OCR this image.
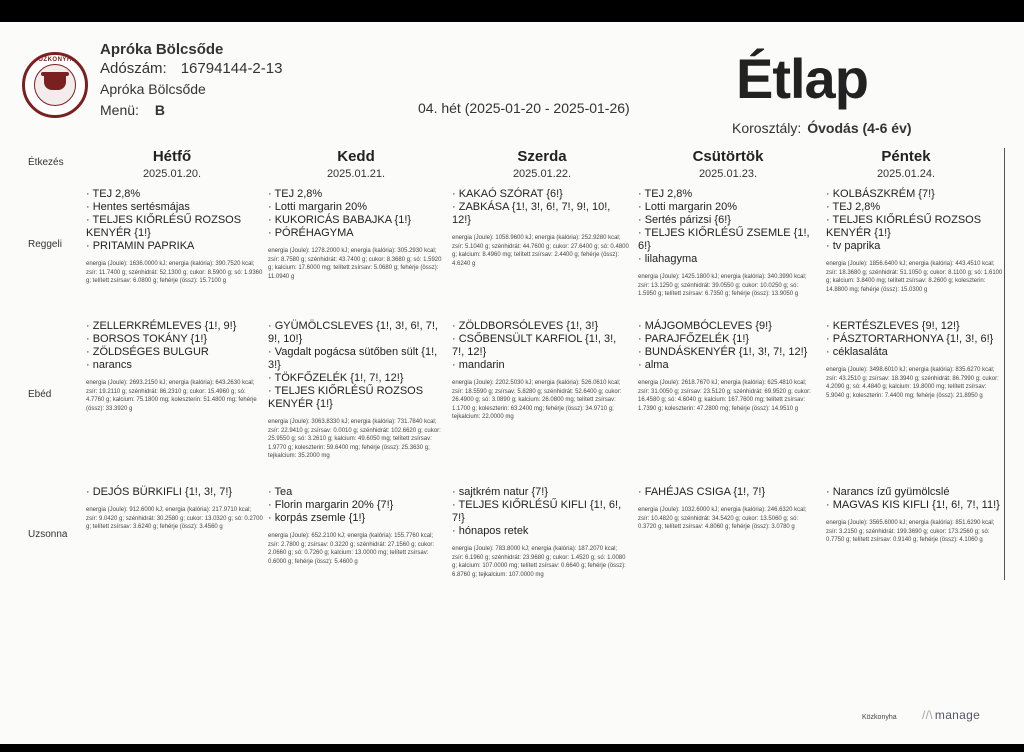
KÖZKONYHA
Apróka Bölcsőde
Adószám: 16794144-2-13
Apróka Bölcsőde
Menü: B	04. hét (2025-01-20 - 2025-01-26) Étlap
Korosztály: Óvodás (4-6 év)
Étkezés
Reggeli
Ebéd
Uzsonna
Hétfő
2025.01.20.
Kedd
2025.01.21.
Szerda
2025.01.22.
Csütörtök
2025.01.23.
Péntek
2025.01.24.
· TEJ 2,8%
· Hentes sertésmájas
· TELJES KIŐRLÉSŰ ROZSOS KENYÉR {1!}
· PRITAMIN PAPRIKA
energia (Joule): 1636.0000 kJ; energia (kalória): 390.7520 kcal; zsír: 11.7400 g; szénhidrát: 52.1300 g; cukor: 8.5900 g; só: 1.9360 g; telített zsírsav: 6.0800 g; fehérje (össz): 15.7100 g
· TEJ 2,8%
· Lotti margarin 20%
· KUKORICÁS BABAJKA {1!}
· PÓRÉHAGYMA
energia (Joule): 1278.2000 kJ; energia (kalória): 305.2930 kcal; zsír: 8.7580 g; szénhidrát: 43.7400 g; cukor: 8.3680 g; só: 1.5920 g; kalcium: 17.6000 mg; telített zsírsav: 5.0680 g; fehérje (össz): 11.0940 g
· KAKAÓ SZÓRAT {6!}
· ZABKÁSA {1!, 3!, 6!, 7!, 9!, 10!, 12!}
energia (Joule): 1058.9600 kJ; energia (kalória): 252.9280 kcal; zsír: 5.1040 g; szénhidrát: 44.7600 g; cukor: 27.6400 g; só: 0.4800 g; kalcium: 8.4960 mg; telített zsírsav: 2.4400 g; fehérje (össz): 4.6240 g
· TEJ 2,8%
· Lotti margarin 20%
· Sertés párizsi {6!}
· TELJES KIŐRLÉSŰ ZSEMLE {1!, 6!}
· lilahagyma
energia (Joule): 1425.1800 kJ; energia (kalória): 340.3990 kcal; zsír: 13.1250 g; szénhidrát: 39.0550 g; cukor: 10.0250 g; só: 1.5950 g; telített zsírsav: 6.7350 g; fehérje (össz): 13.9050 g
· KOLBÁSZKRÉM {7!}
· TEJ 2,8%
· TELJES KIŐRLÉSŰ ROZSOS KENYÉR {1!}
· tv paprika
energia (Joule): 1856.6400 kJ; energia (kalória): 443.4510 kcal; zsír: 18.3680 g; szénhidrát: 51.1050 g; cukor: 8.1100 g; só: 1.6100 g; kalcium: 3.8400 mg; telített zsírsav: 8.2600 g; koleszterin: 14.8800 mg; fehérje (össz): 15.0300 g
· ZELLERKRÉMLEVES {1!, 9!}
· BORSOS TOKÁNY {1!}
· ZÖLDSÉGES BULGUR
· narancs
energia (Joule): 2693.2150 kJ; energia (kalória): 643.2630 kcal; zsír: 19.2110 g; szénhidrát: 86.2310 g; cukor: 15.4960 g; só: 4.7760 g; kalcium: 75.1800 mg; koleszterin: 51.4800 mg; fehérje (össz): 33.3920 g
· GYÜMÖLCSLEVES {1!, 3!, 6!, 7!, 9!, 10!}
· Vagdalt pogácsa sütőben sült {1!, 3!}
· TÖKFŐZELÉK {1!, 7!, 12!}
· TELJES KIŐRLÉSŰ ROZSOS KENYÉR {1!}
energia (Joule): 3063.8330 kJ; energia (kalória): 731.7840 kcal; zsír: 22.9410 g; zsírsav: 0.0010 g; szénhidrát: 102.6620 g; cukor: 25.9550 g; só: 3.2610 g; kalcium: 49.6050 mg; telített zsírsav: 1.9770 g; koleszterin: 59.6400 mg; fehérje (össz): 25.3630 g; tejkalcium: 35.2000 mg
· ZÖLDBORSÓLEVES {1!, 3!}
· CSŐBENSÜLT KARFIOL {1!, 3!, 7!, 12!}
· mandarin
energia (Joule): 2202.5030 kJ; energia (kalória): 526.0610 kcal; zsír: 18.5590 g; zsírsav: 5.8280 g; szénhidrát: 52.6400 g; cukor: 26.4900 g; só: 3.0890 g; kalcium: 26.0800 mg; telített zsírsav: 1.1700 g; koleszterin: 63.2400 mg; fehérje (össz): 34.9710 g; tejkalcium: 22.0000 mg
· MÁJGOMBÓCLEVES {9!}
· PARAJFŐZELÉK {1!}
· BUNDÁSKENYÉR {1!, 3!, 7!, 12!}
· alma
energia (Joule): 2618.7670 kJ; energia (kalória): 625.4810 kcal; zsír: 31.0050 g; zsírsav: 23.5120 g; szénhidrát: 69.9520 g; cukor: 16.4580 g; só: 4.6040 g; kalcium: 167.7600 mg; telített zsírsav: 1.7390 g; koleszterin: 47.2800 mg; fehérje (össz): 14.9510 g
· KERTÉSZLEVES {9!, 12!}
· PÁSZTORTARHONYA {1!, 3!, 6!}
· céklasaláta
energia (Joule): 3498.6010 kJ; energia (kalória): 835.6270 kcal; zsír: 43.2510 g; zsírsav: 18.3940 g; szénhidrát: 86.7990 g; cukor: 4.2090 g; só: 4.4840 g; kalcium: 19.8000 mg; telített zsírsav: 5.9040 g; koleszterin: 7.4400 mg; fehérje (össz): 21.8950 g
· DEJÓS BÜRKIFLI {1!, 3!, 7!}
energia (Joule): 912.6000 kJ; energia (kalória): 217.9710 kcal; zsír: 9.0420 g; szénhidrát: 30.2580 g; cukor: 13.0320 g; só: 0.2700 g; telített zsírsav: 3.6240 g; fehérje (össz): 3.4560 g
· Tea
· Florin margarin 20% {7!}
· korpás zsemle {1!}
energia (Joule): 652.2100 kJ; energia (kalória): 155.7760 kcal; zsír: 2.7800 g; zsírsav: 0.3220 g; szénhidrát: 27.1560 g; cukor: 2.0660 g; só: 0.7260 g; kalcium: 13.0000 mg; telített zsírsav: 0.6000 g; fehérje (össz): 5.4600 g
· sajtkrém natur {7!}
· TELJES KIŐRLÉSŰ KIFLI {1!, 6!, 7!}
· hónapos retek
energia (Joule): 783.8000 kJ; energia (kalória): 187.2070 kcal; zsír: 6.1960 g; szénhidrát: 23.9680 g; cukor: 1.4520 g; só: 1.0080 g; kalcium: 107.0000 mg; telített zsírsav: 0.6640 g; fehérje (össz): 6.8760 g; tejkalcium: 107.0000 mg
· FAHÉJAS CSIGA {1!, 7!}
energia (Joule): 1032.6000 kJ; energia (kalória): 246.6320 kcal; zsír: 10.4820 g; szénhidrát: 34.5420 g; cukor: 13.5060 g; só: 0.3720 g; telített zsírsav: 4.8060 g; fehérje (össz): 3.0780 g
· Narancs ízű gyümölcslé
· MAGVAS KIS KIFLI {1!, 6!, 7!, 11!}
energia (Joule): 3565.6000 kJ; energia (kalória): 851.6290 kcal; zsír: 3.2150 g; szénhidrát: 199.3690 g; cukor: 173.2560 g; só: 0.7750 g; telített zsírsav: 0.9140 g; fehérje (össz): 4.1060 g
Közkonyha //\ manage
